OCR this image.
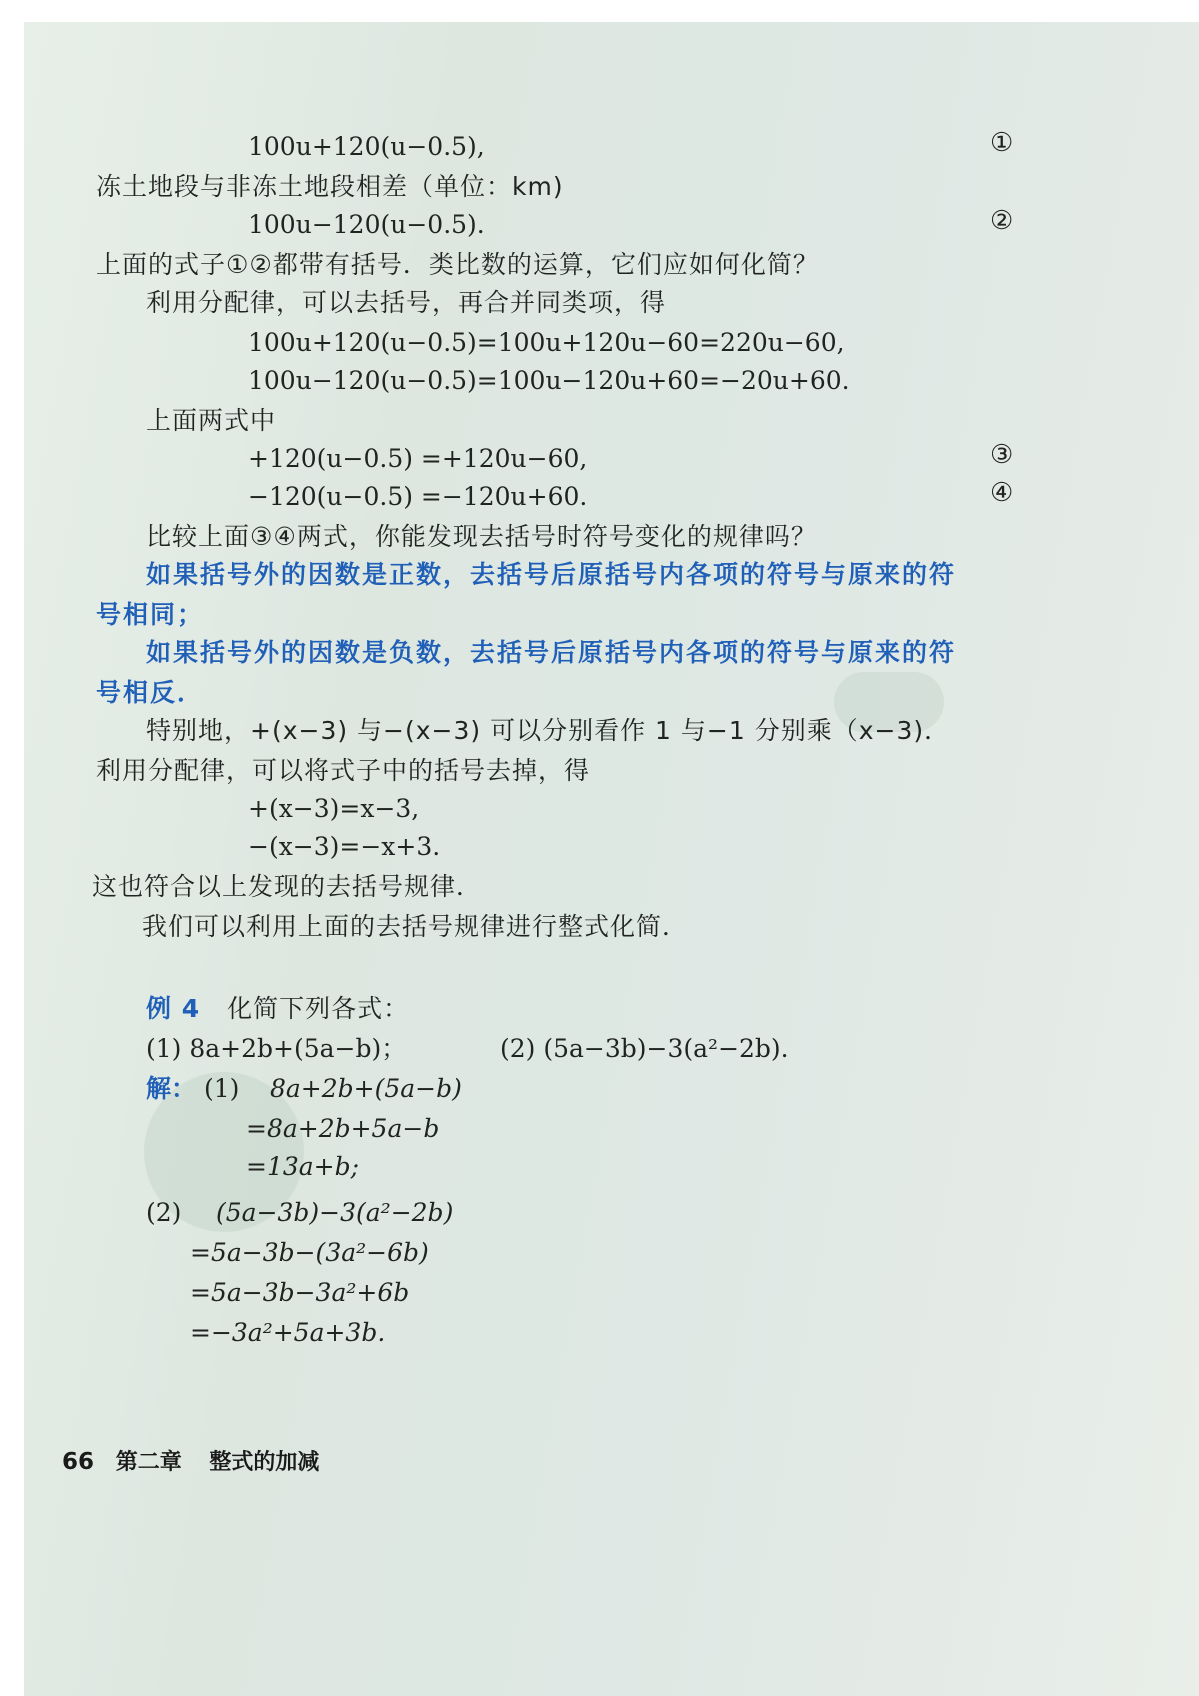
100u+120(u−0.5),	①
冻土地段与非冻土地段相差（单位：km)
100u−120(u−0.5).	②
上面的式子①②都带有括号．类比数的运算，它们应如何化简？
利用分配律，可以去括号，再合并同类项，得
100u+120(u−0.5)=100u+120u−60=220u−60,
100u−120(u−0.5)=100u−120u+60=−20u+60.
上面两式中
+120(u−0.5) =+120u−60,	③
−120(u−0.5) =−120u+60.	④
比较上面③④两式，你能发现去括号时符号变化的规律吗？
如果括号外的因数是正数，去括号后原括号内各项的符号与原来的符
号相同；
如果括号外的因数是负数，去括号后原括号内各项的符号与原来的符
号相反．
特别地，+(x−3) 与−(x−3) 可以分别看作 1 与−1 分别乘（x−3)．
利用分配律，可以将式子中的括号去掉，得
+(x−3)=x−3,
−(x−3)=−x+3.
这也符合以上发现的去括号规律．
我们可以利用上面的去括号规律进行整式化简．
例 4 化简下列各式：
(1) 8a+2b+(5a−b)；	(2) (5a−3b)−3(a²−2b).
解： (1) 8a+2b+(5a−b)
=8a+2b+5a−b
=13a+b;
(2) (5a−3b)−3(a²−2b)
=5a−3b−(3a²−6b)
=5a−3b−3a²+6b
=−3a²+5a+3b.
66 第二章 整式的加减
